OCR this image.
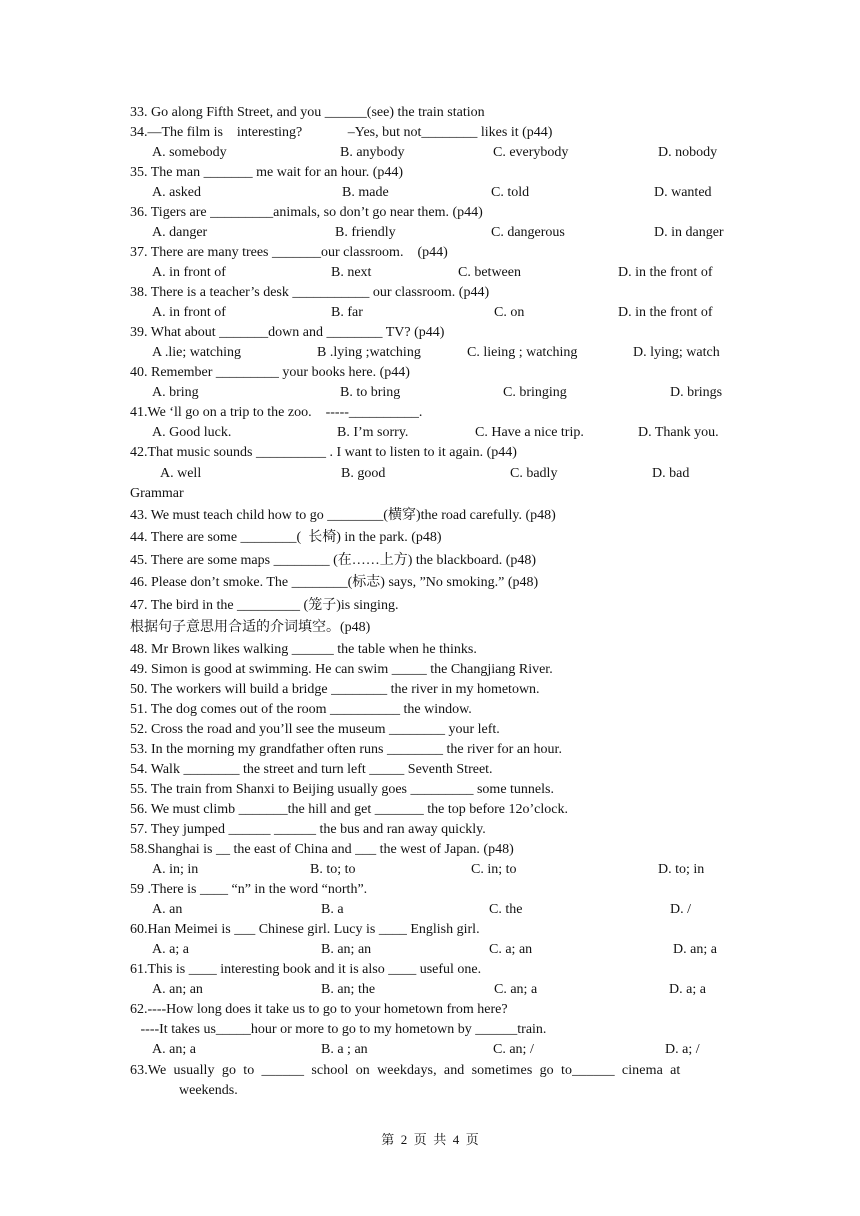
33. Go along Fifth Street, and you ______(see) the train station
34.—The film is    interesting?             –Yes, but not________ likes it (p44)
A. somebody	B. anybody	C. everybody	D. nobody
35. The man _______ me wait for an hour. (p44)
A. asked	B. made	C. told	D. wanted
36. Tigers are _________animals, so don’t go near them. (p44)
A. danger	B. friendly	C. dangerous	D. in danger
37. There are many trees _______our classroom.    (p44)
A. in front of	B. next	C. between	D. in the front of
38. There is a teacher’s desk ___________ our classroom. (p44)
A. in front of	B. far	C. on	D. in the front of
39. What about _______down and ________ TV? (p44)
A .lie; watching	B .lying ;watching	C. lieing ; watching	D. lying; watch
40. Remember _________ your books here. (p44)
A. bring	B. to bring	C. bringing	D. brings
41.We ‘ll go on a trip to the zoo.    -----__________.
A. Good luck.	B. I’m sorry.	C. Have a nice trip.	D. Thank you.
42.That music sounds __________ . I want to listen to it again. (p44)
A. well	B. good	C. badly	D. bad
Grammar
43. We must teach child how to go ________(横穿)the road carefully. (p48)
44. There are some ________(  长椅) in the park. (p48)
45. There are some maps ________ (在……上方) the blackboard. (p48)
46. Please don’t smoke. The ________(标志) says, ”No smoking.” (p48)
47. The bird in the _________ (笼子)is singing.
根据句子意思用合适的介词填空。(p48)
48. Mr Brown likes walking ______ the table when he thinks.
49. Simon is good at swimming. He can swim _____ the Changjiang River.
50. The workers will build a bridge ________ the river in my hometown.
51. The dog comes out of the room __________ the window.
52. Cross the road and you’ll see the museum ________ your left.
53. In the morning my grandfather often runs ________ the river for an hour.
54. Walk ________ the street and turn left _____ Seventh Street.
55. The train from Shanxi to Beijing usually goes _________ some tunnels.
56. We must climb _______the hill and get _______ the top before 12o’clock.
57. They jumped ______ ______ the bus and ran away quickly.
58.Shanghai is __ the east of China and ___ the west of Japan. (p48)
A. in; in	B. to; to	C. in; to	D. to; in
59 .There is ____ “n” in the word “north”.
A. an	B. a	C. the	D. /
60.Han Meimei is ___ Chinese girl. Lucy is ____ English girl.
A. a; a	B. an; an	C. a; an	D. an; a
61.This is ____ interesting book and it is also ____ useful one.
A. an; an	B. an; the	C. an; a	D. a; a
62.----How long does it take us to go to your hometown from here?
----It takes us_____hour or more to go to my hometown by ______train.
A. an; a	B. a ; an	C. an; /	D. a; /
63.We  usually  go  to  ______  school  on  weekdays,  and  sometimes  go  to______  cinema  at
weekends.
第  2  页  共  4  页
